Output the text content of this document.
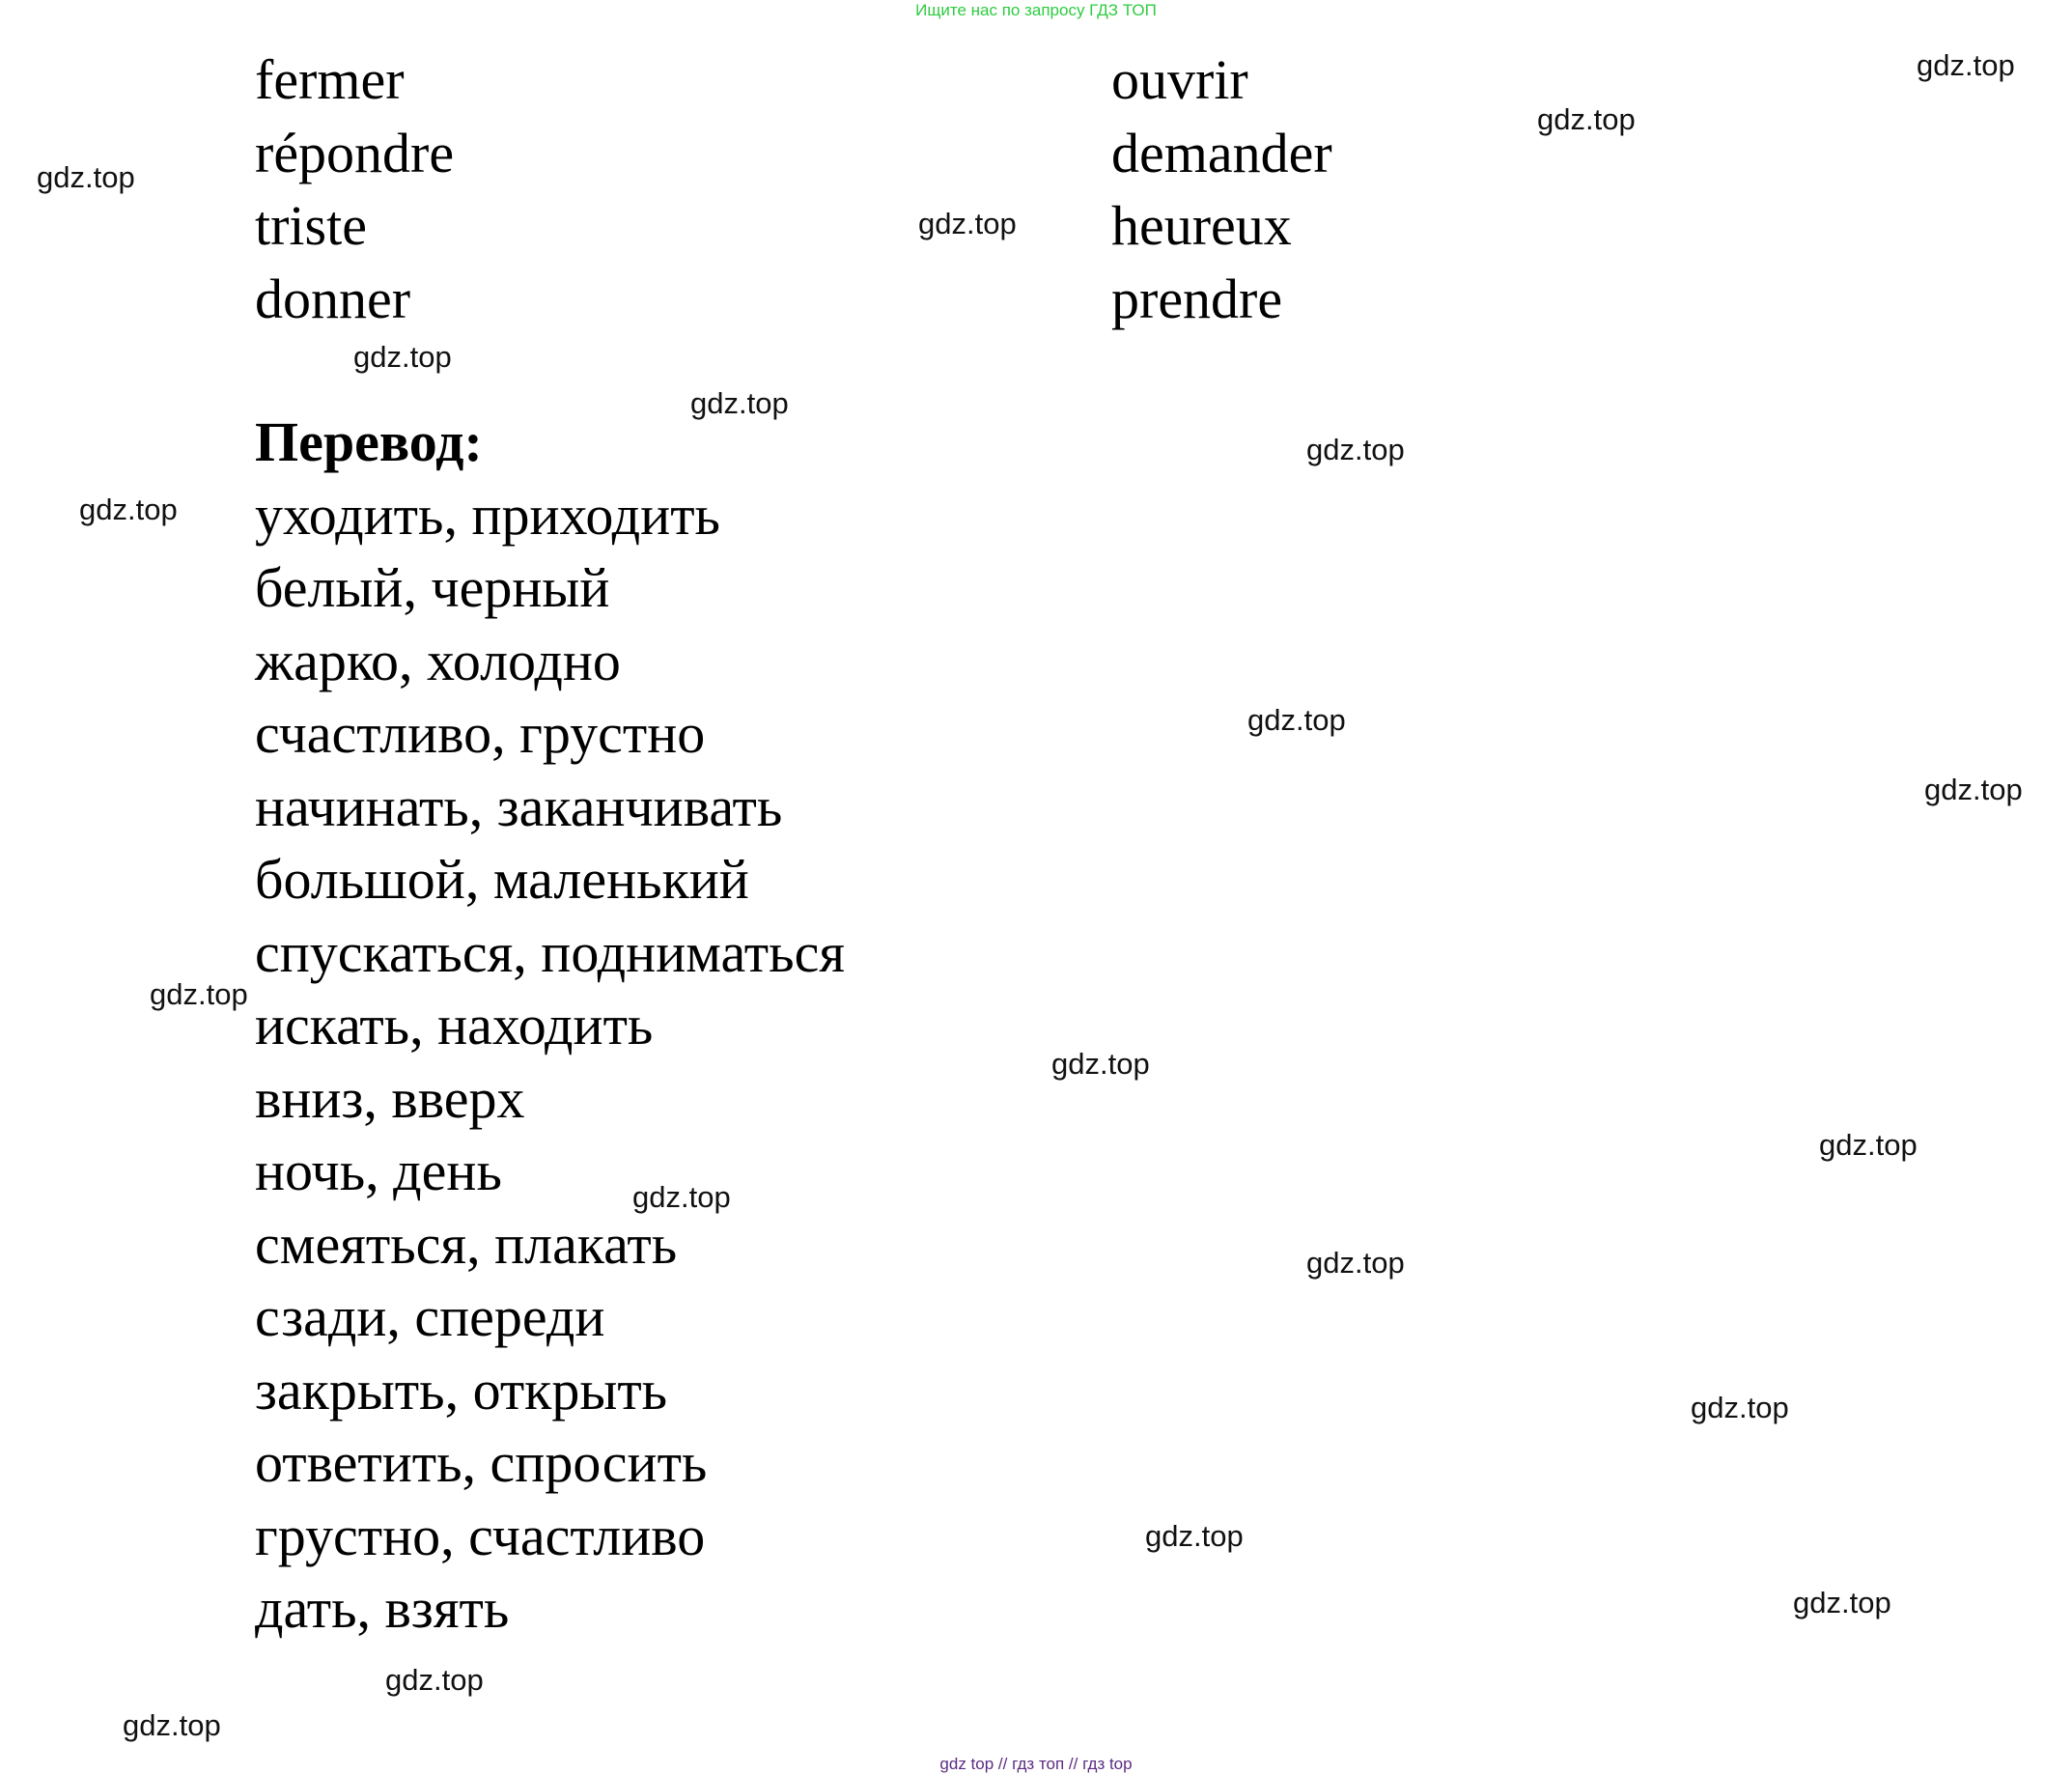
Ищите нас по запросу ГДЗ ТОП
fermer
répondre
triste
donner
ouvrir
demander
heureux
prendre
Перевод:
уходить, приходить
белый, черный
жарко, холодно
счастливо, грустно
начинать, заканчивать
большой, маленький
спускаться, подниматься
искать, находить
вниз, вверх
ночь, день
смеяться, плакать
сзади, спереди
закрыть, открыть
ответить, спросить
грустно, счастливо
дать, взять
gdz.top
gdz.top
gdz.top
gdz.top
gdz.top
gdz.top
gdz.top
gdz.top
gdz.top
gdz.top
gdz.top
gdz.top
gdz.top
gdz.top
gdz.top
gdz.top
gdz.top
gdz.top
gdz.top
gdz.top
gdz top // гдз топ // гдз top
